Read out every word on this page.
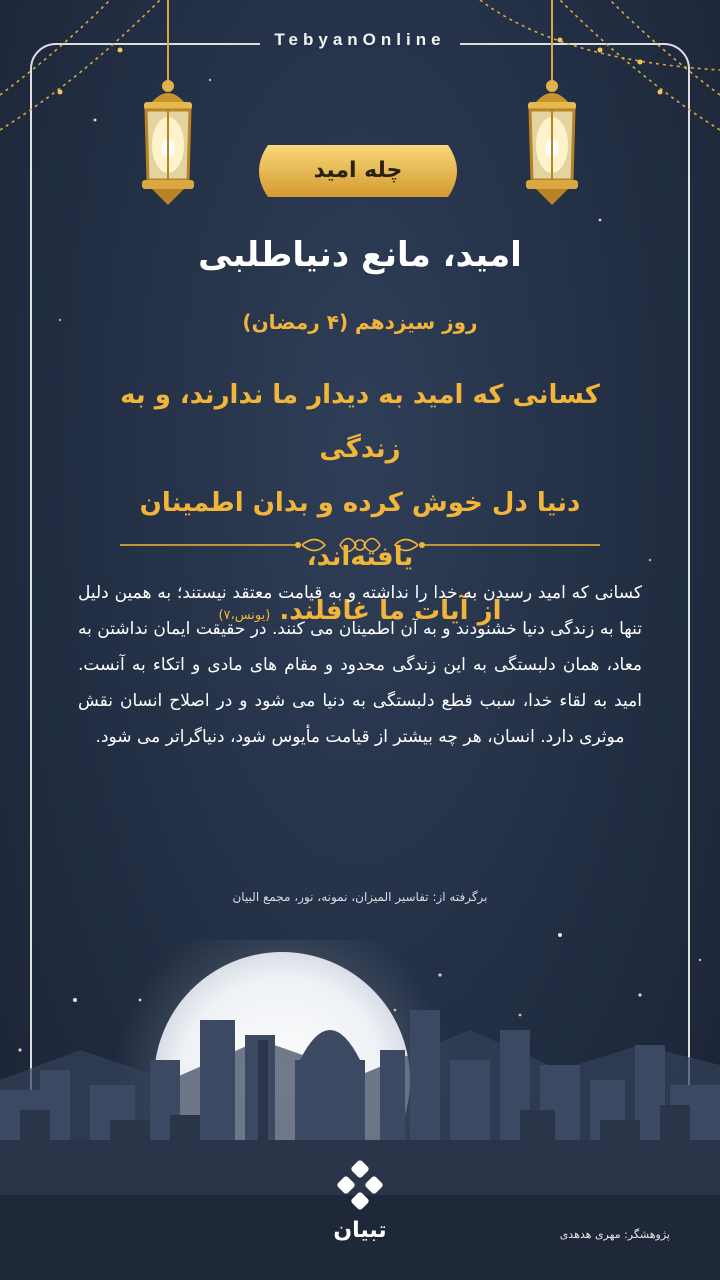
TebyanOnline
چله امید
امید، مانع دنیاطلبی
روز سیزدهم (۴ رمضان)
کسانی که امید به دیدار ما ندارند، و به زندگی
دنیا دل خوش کرده و بدان اطمینان یافته‌اند،
از آیات ما غافلند. (یونس،۷)
کسانی که امید رسیدن به خدا را نداشته و به قیامت معتقد نیستند؛ به همین دلیل تنها به زندگی دنیا خشنودند و به آن اطمینان می کنند. در حقیقت ایمان نداشتن به معاد، همان دلبستگی به این زندگی محدود و مقام های مادی و اتکاء به آنست. امید به لقاء خدا، سبب قطع دلبستگی به دنیا می شود و در اصلاح انسان نقش موثری دارد. انسان، هر چه بیشتر از قیامت مأیوس شود، دنیاگراتر می شود.
برگرفته از: تفاسیر المیزان، نمونه، نور، مجمع البیان
تبیان	پژوهشگر: مهری هدهدی
